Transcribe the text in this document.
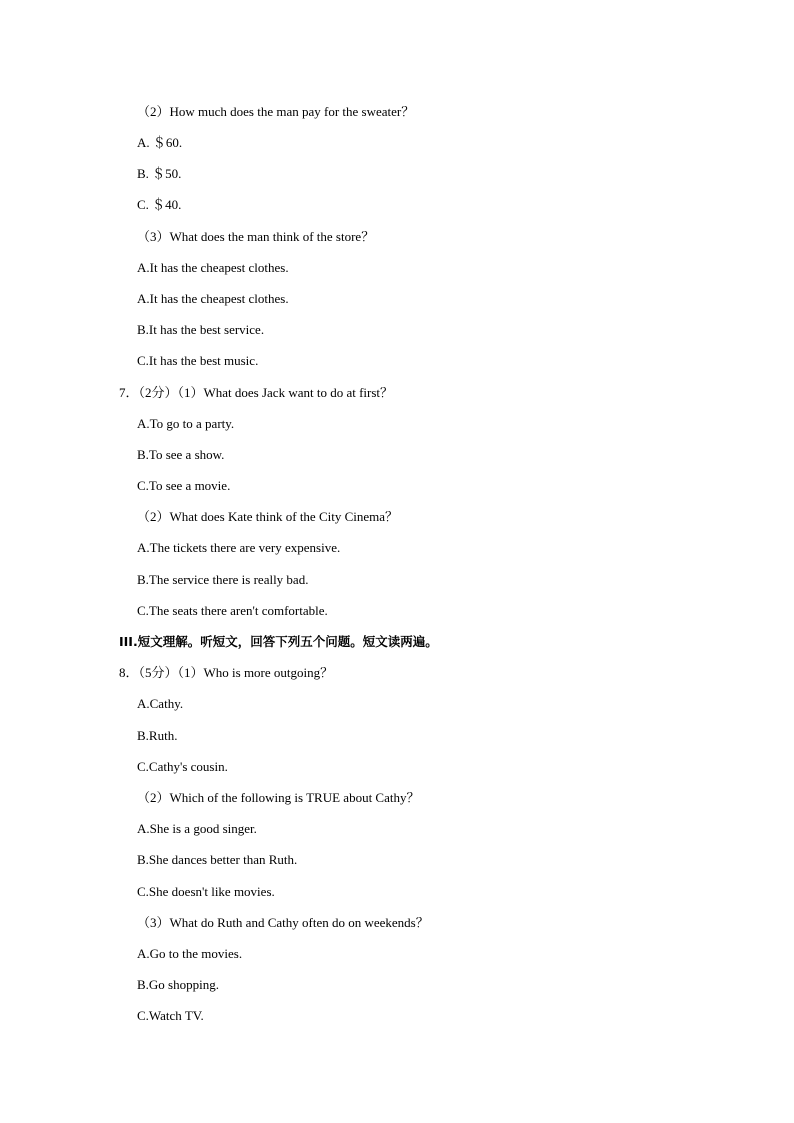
（2）How much does the man pay for the sweater？
A. ＄60.
B. ＄50.
C. ＄40.
（3）What does the man think of the store？
A.It has the cheapest clothes.
A.It has the cheapest clothes.
B.It has the best service.
C.It has the best music.
7．（2分）（1）What does Jack want to do at first？
A.To go to a party.
B.To see a show.
C.To see a movie.
（2）What does Kate think of the City Cinema？
A.The tickets there are very expensive.
B.The service there is really bad.
C.The seats there aren't comfortable.
III.短文理解。听短文，回答下列五个问题。短文读两遍。
8．（5分）（1）Who is more outgoing？
A.Cathy.
B.Ruth.
C.Cathy's cousin.
（2）Which of the following is TRUE about Cathy？
A.She is a good singer.
B.She dances better than Ruth.
C.She doesn't like movies.
（3）What do Ruth and Cathy often do on weekends？
A.Go to the movies.
B.Go shopping.
C.Watch TV.
